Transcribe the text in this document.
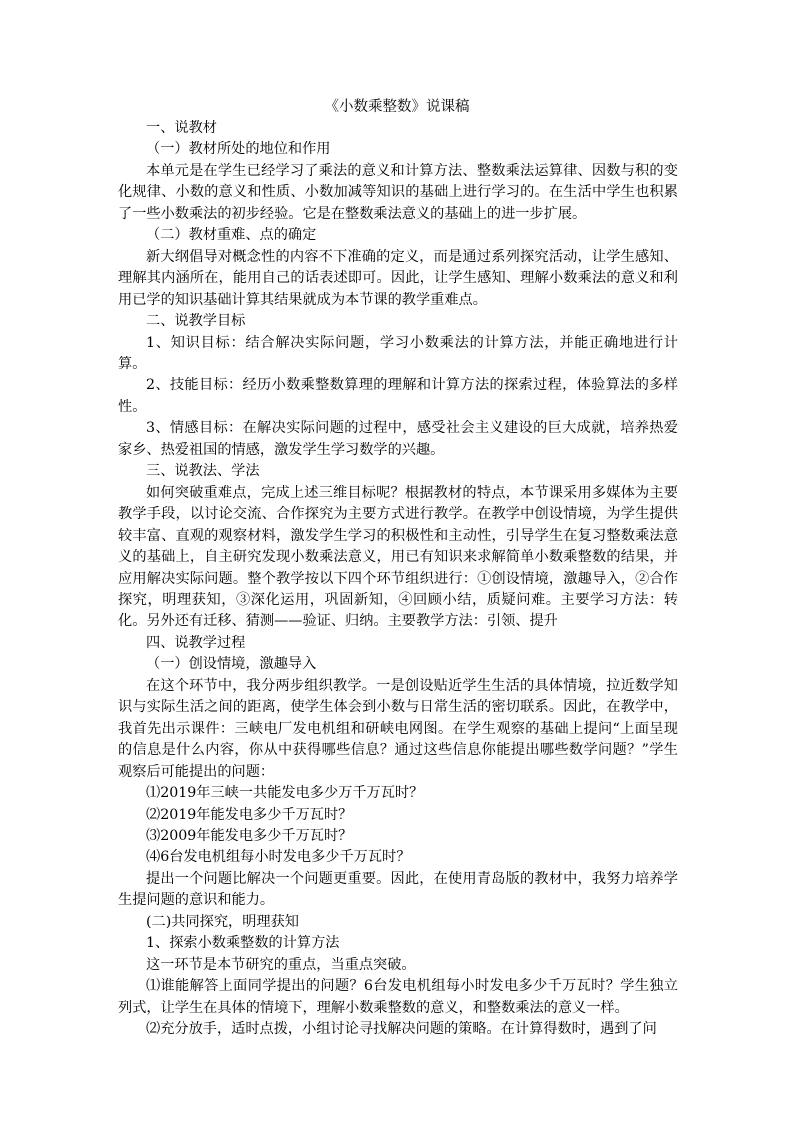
《小数乘整数》说课稿

一、说教材

（一）教材所处的地位和作用

本单元是在学生已经学习了乘法的意义和计算方法、整数乘法运算律、因数与积的变化规律、小数的意义和性质、小数加减等知识的基础上进行学习的。在生活中学生也积累了一些小数乘法的初步经验。它是在整数乘法意义的基础上的进一步扩展。

（二）教材重难、点的确定

新大纲倡导对概念性的内容不下准确的定义，而是通过系列探究活动，让学生感知、理解其内涵所在，能用自己的话表述即可。因此，让学生感知、理解小数乘法的意义和利用已学的知识基础计算其结果就成为本节课的教学重难点。

二、说教学目标

1、知识目标：结合解决实际问题，学习小数乘法的计算方法，并能正确地进行计算。

2、技能目标：经历小数乘整数算理的理解和计算方法的探索过程，体验算法的多样性。

3、情感目标：在解决实际问题的过程中，感受社会主义建设的巨大成就，培养热爱家乡、热爱祖国的情感，激发学生学习数学的兴趣。

三、说教法、学法

如何突破重难点，完成上述三维目标呢？根据教材的特点，本节课采用多媒体为主要教学手段，以讨论交流、合作探究为主要方式进行教学。在教学中创设情境，为学生提供较丰富、直观的观察材料，激发学生学习的积极性和主动性，引导学生在复习整数乘法意义的基础上，自主研究发现小数乘法意义，用已有知识来求解简单小数乘整数的结果，并应用解决实际问题。整个教学按以下四个环节组织进行：①创设情境，激趣导入，②合作探究，明理获知，③深化运用，巩固新知，④回顾小结，质疑问难。主要学习方法：转化。另外还有迁移、猜测——验证、归纳。主要教学方法：引领、提升

四、说教学过程

（一）创设情境，激趣导入

在这个环节中，我分两步组织教学。一是创设贴近学生生活的具体情境，拉近数学知识与实际生活之间的距离，使学生体会到小数与日常生活的密切联系。因此，在教学中，我首先出示课件：三峡电厂发电机组和研峡电网图。在学生观察的基础上提问“上面呈现的信息是什么内容，你从中获得哪些信息？通过这些信息你能提出哪些数学问题？”学生观察后可能提出的问题：

⑴2019年三峡一共能发电多少万千万瓦时？

⑵2019年能发电多少千万瓦时？

⑶2009年能发电多少千万瓦时？

⑷6台发电机组每小时发电多少千万瓦时？

提出一个问题比解决一个问题更重要。因此，在使用青岛版的教材中，我努力培养学生提问题的意识和能力。

(二)共同探究，明理获知

1、探索小数乘整数的计算方法

这一环节是本节研究的重点，当重点突破。

⑴谁能解答上面同学提出的问题？6台发电机组每小时发电多少千万瓦时？学生独立列式，让学生在具体的情境下，理解小数乘整数的意义，和整数乘法的意义一样。

⑵充分放手，适时点拨，小组讨论寻找解决问题的策略。在计算得数时，遇到了问
